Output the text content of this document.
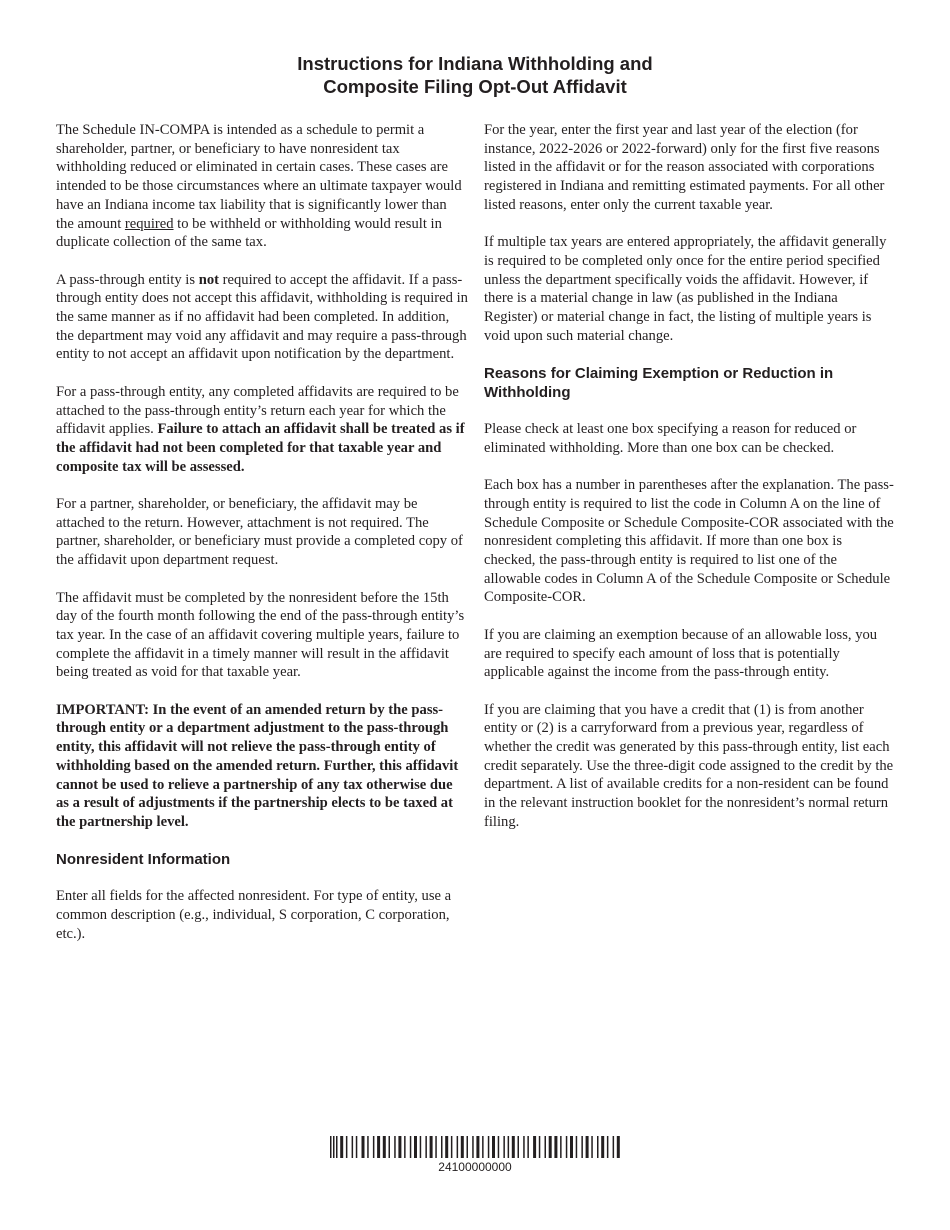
Instructions for Indiana Withholding and
Composite Filing Opt-Out Affidavit

The Schedule IN-COMPA is intended as a schedule to permit a shareholder, partner, or beneficiary to have nonresident tax withholding reduced or eliminated in certain cases. These cases are intended to be those circumstances where an ultimate taxpayer would have an Indiana income tax liability that is significantly lower than the amount required to be withheld or withholding would result in duplicate collection of the same tax.

A pass-through entity is not required to accept the affidavit. If a pass-through entity does not accept this affidavit, withholding is required in the same manner as if no affidavit had been completed. In addition, the department may void any affidavit and may require a pass-through entity to not accept an affidavit upon notification by the department.

For a pass-through entity, any completed affidavits are required to be attached to the pass-through entity’s return each year for which the affidavit applies. Failure to attach an affidavit shall be treated as if the affidavit had not been completed for that taxable year and composite tax will be assessed.

For a partner, shareholder, or beneficiary, the affidavit may be attached to the return. However, attachment is not required. The partner, shareholder, or beneficiary must provide a completed copy of the affidavit upon department request.

The affidavit must be completed by the nonresident before the 15th day of the fourth month following the end of the pass-through entity’s tax year. In the case of an affidavit covering multiple years, failure to complete the affidavit in a timely manner will result in the affidavit being treated as void for that taxable year.

IMPORTANT: In the event of an amended return by the pass-through entity or a department adjustment to the pass-through entity, this affidavit will not relieve the pass-through entity of withholding based on the amended return. Further, this affidavit cannot be used to relieve a partnership of any tax otherwise due as a result of adjustments if the partnership elects to be taxed at the partnership level.

Nonresident Information

Enter all fields for the affected nonresident. For type of entity, use a common description (e.g., individual, S corporation, C corporation, etc.).

For the year, enter the first year and last year of the election (for instance, 2022-2026 or 2022-forward) only for the first five reasons listed in the affidavit or for the reason associated with corporations registered in Indiana and remitting estimated payments. For all other listed reasons, enter only the current taxable year.

If multiple tax years are entered appropriately, the affidavit generally is required to be completed only once for the entire period specified unless the department specifically voids the affidavit. However, if there is a material change in law (as published in the Indiana Register) or material change in fact, the listing of multiple years is void upon such material change.

Reasons for Claiming Exemption or Reduction in Withholding

Please check at least one box specifying a reason for reduced or eliminated withholding. More than one box can be checked.

Each box has a number in parentheses after the explanation. The pass-through entity is required to list the code in Column A on the line of Schedule Composite or Schedule Composite-COR associated with the nonresident completing this affidavit. If more than one box is checked, the pass-through entity is required to list one of the allowable codes in Column A of the Schedule Composite or Schedule Composite-COR.

If you are claiming an exemption because of an allowable loss, you are required to specify each amount of loss that is potentially applicable against the income from the pass-through entity.

If you are claiming that you have a credit that (1) is from another entity or (2) is a carryforward from a previous year, regardless of whether the credit was generated by this pass-through entity, list each credit separately. Use the three-digit code assigned to the credit by the department. A list of available credits for a non-resident can be found in the relevant instruction booklet for the nonresident’s normal return filing.

24100000000
